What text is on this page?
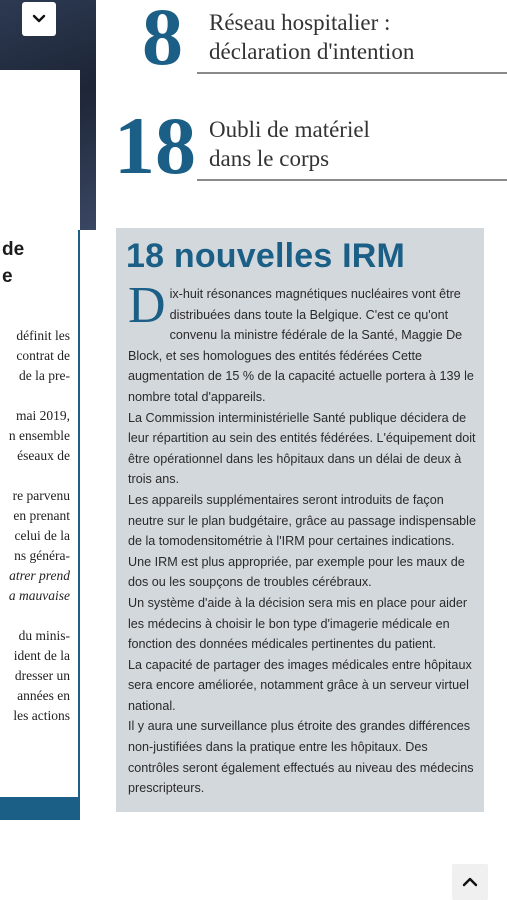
de
e
définit les
contrat de
de la pre-
mai 2019,
n ensemble
éseaux de
re parvenu
en prenant
celui de la
ns généra-
atrer prend
a mauvaise
du minis-
ident de la
dresser un
années en
les actions
8 Réseau hospitalier :
déclaration d'intention
18 Oubli de matériel
dans le corps
18 nouvelles IRM

Dix-huit résonances magnétiques nucléaires vont être distribuées dans toute la Belgique. C'est ce qu'ont convenu la ministre fédérale de la Santé, Maggie De Block, et ses homologues des entités fédérées Cette augmentation de 15 % de la capacité actuelle portera à 139 le nombre total d'appareils.

La Commission interministérielle Santé publique décidera de leur répartition au sein des entités fédérées. L'équipement doit être opérationnel dans les hôpitaux dans un délai de deux à trois ans.

Les appareils supplémentaires seront introduits de façon neutre sur le plan budgétaire, grâce au passage indispensable de la tomodensitométrie à l'IRM pour certaines indications. Une IRM est plus appropriée, par exemple pour les maux de dos ou les soupçons de troubles cérébraux.

Un système d'aide à la décision sera mis en place pour aider les médecins à choisir le bon type d'imagerie médicale en fonction des données médicales pertinentes du patient.

La capacité de partager des images médicales entre hôpitaux sera encore améliorée, notamment grâce à un serveur virtuel national.

Il y aura une surveillance plus étroite des grandes différences non-justifiées dans la pratique entre les hôpitaux. Des contrôles seront également effectués au niveau des médecins prescripteurs.
